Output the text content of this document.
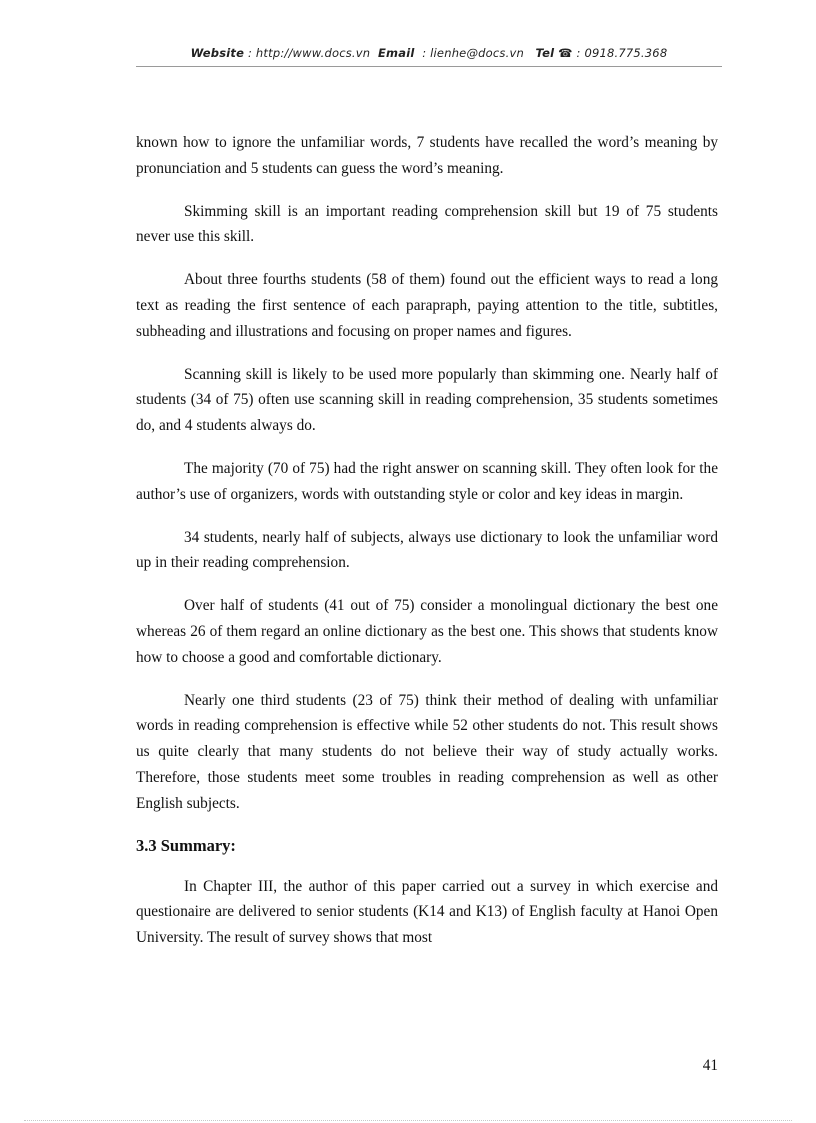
Website : http://www.docs.vn Email  : lienhe@docs.vn Tel ☎ : 0918.775.368

known how to ignore the unfamiliar words, 7 students have recalled the word’s meaning by pronunciation and 5 students can guess the word’s meaning.

Skimming skill is an important reading comprehension skill but 19 of 75 students never use this skill.

About three fourths students (58 of them) found out the efficient ways to read a long text as reading the first sentence of each parapraph, paying attention to the title, subtitles, subheading and illustrations and focusing on proper names and figures.

Scanning skill is likely to be used more popularly than skimming one. Nearly half of students (34 of 75) often use scanning skill in reading comprehension, 35 students sometimes do, and 4 students always do.

The majority (70 of 75) had the right answer on scanning skill. They often look for the author’s use of organizers, words with outstanding style or color and key ideas in margin.

34 students, nearly half of subjects, always use dictionary to look the unfamiliar word up in their reading comprehension.

Over half of students (41 out of 75) consider a monolingual dictionary the best one whereas 26 of them regard an online dictionary as the best one. This shows that students know how to choose a good and comfortable dictionary.

Nearly one third students (23 of 75) think their method of dealing with unfamiliar words in reading comprehension is effective while 52 other students do not. This result shows us quite clearly that many students do not believe their way of study actually works. Therefore, those students meet some troubles in reading comprehension as well as other English subjects.

3.3 Summary:

In Chapter III, the author of this paper carried out a survey in which exercise and questionaire are delivered to senior students (K14 and K13) of English faculty at Hanoi Open University. The result of survey shows that most

41
